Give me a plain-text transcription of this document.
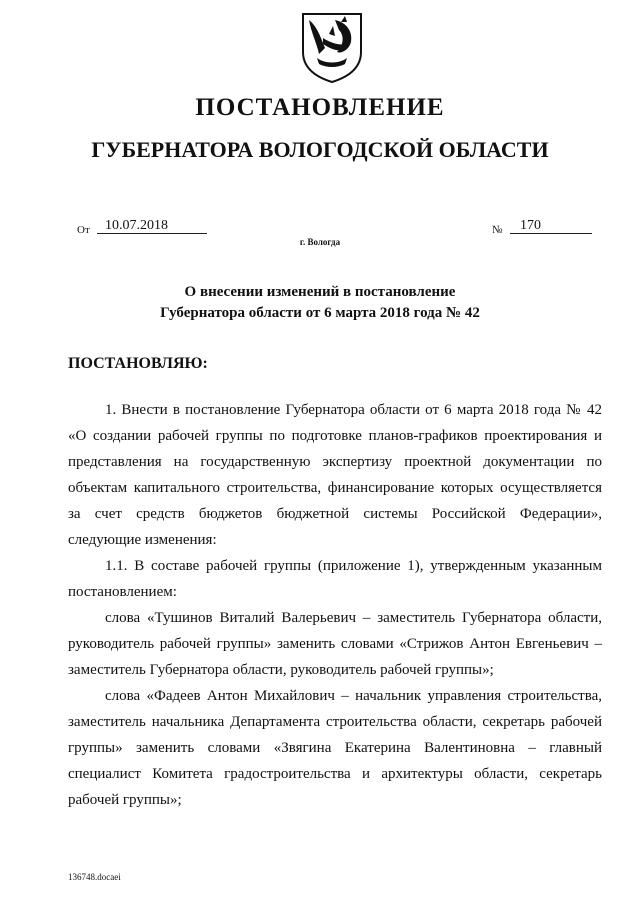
ПОСТАНОВЛЕНИЕ
ГУБЕРНАТОРА ВОЛОГОДСКОЙ ОБЛАСТИ
От	10.07.2018	№	170
г. Вологда
О внесении изменений в постановление
Губернатора области от 6 марта 2018 года № 42
ПОСТАНОВЛЯЮ:

1. Внести в постановление Губернатора области от 6 марта 2018 года № 42 «О создании рабочей группы по подготовке планов-графиков проектирования и представления на государственную экспертизу проектной документации по объектам капитального строительства, финансирование которых осуществляется за счет средств бюджетов бюджетной системы Российской Федерации», следующие изменения:

1.1. В составе рабочей группы (приложение 1), утвержденным указанным постановлением:

слова «Тушинов Виталий Валерьевич – заместитель Губернатора области, руководитель рабочей группы» заменить словами «Стрижов Антон Евгеньевич – заместитель Губернатора области, руководитель рабочей группы»;

слова «Фадеев Антон Михайлович – начальник управления строительства, заместитель начальника Департамента строительства области, секретарь рабочей группы» заменить словами «Звягина Екатерина Валентиновна – главный специалист Комитета градостроительства и архитектуры области, секретарь рабочей группы»;

136748.docaei
